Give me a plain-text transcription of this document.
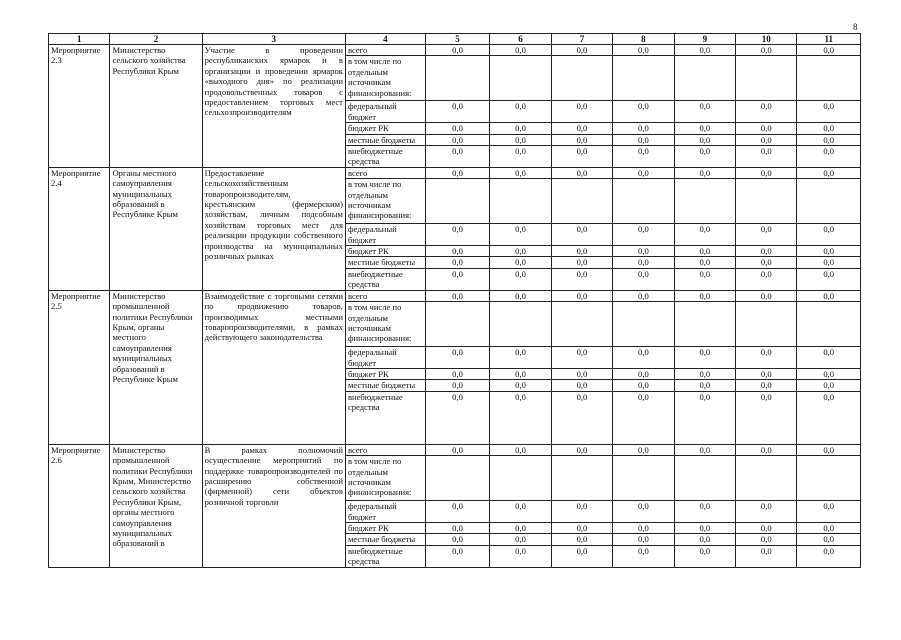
8
1	2	3	4	5	6	7	8	9	10	11
Мероприятие 2.3	Министерство сельского хозяйства Республики Крым	Участие в проведении республиканских ярмарок и в организации и проведении ярмарок «выходного дня» по реализации продовольственных товаров с предоставлением торговых мест сельхозпроизводителям	всего	0,0	0,0	0,0	0,0	0,0	0,0	0,0
			в том числе по отдельным источникам финансирования:							
			федеральный бюджет	0,0	0,0	0,0	0,0	0,0	0,0	0,0
			бюджет РК	0,0	0,0	0,0	0,0	0,0	0,0	0,0
			местные бюджеты	0,0	0,0	0,0	0,0	0,0	0,0	0,0
			внебюджетные средства	0,0	0,0	0,0	0,0	0,0	0,0	0,0
Мероприятие 2.4	Органы местного самоуправления муниципальных образований в Республике Крым	Предоставление сельскохозяйственным товаропроизводителям, крестьянским (фермерским) хозяйствам, личным подсобным хозяйствам торговых мест для реализации продукции собственного производства на муниципальных розничных рынках	всего	0,0	0,0	0,0	0,0	0,0	0,0	0,0
			в том числе по отдельным источникам финансирования:							
			федеральный бюджет	0,0	0,0	0,0	0,0	0,0	0,0	0,0
			бюджет РК	0,0	0,0	0,0	0,0	0,0	0,0	0,0
			местные бюджеты	0,0	0,0	0,0	0,0	0,0	0,0	0,0
			внебюджетные средства	0,0	0,0	0,0	0,0	0,0	0,0	0,0
Мероприятие 2.5	Министерство промышленной политики Республики Крым, органы местного самоуправления муниципальных образований в Республике Крым	Взаимодействие с торговыми сетями по продвижению товаров, производимых местными товаропроизводителями, в рамках действующего законодательства	всего	0,0	0,0	0,0	0,0	0,0	0,0	0,0
			в том числе по отдельным источникам финансирования:							
			федеральный бюджет	0,0	0,0	0,0	0,0	0,0	0,0	0,0
			бюджет РК	0,0	0,0	0,0	0,0	0,0	0,0	0,0
			местные бюджеты	0,0	0,0	0,0	0,0	0,0	0,0	0,0
			внебюджетные средства	0,0	0,0	0,0	0,0	0,0	0,0	0,0
Мероприятие 2.6	Министерство промышленной политики Республики Крым, Министерство сельского хозяйства Республики Крым, органы местного самоуправления муниципальных образований в	В рамках полномочий осуществление мероприятий по поддержке товаропроизводителей по расширению собственной (фирменной) сети объектов розничной торговли	всего	0,0	0,0	0,0	0,0	0,0	0,0	0,0
			в том числе по отдельным источникам финансирования:							
			федеральный бюджет	0,0	0,0	0,0	0,0	0,0	0,0	0,0
			бюджет РК	0,0	0,0	0,0	0,0	0,0	0,0	0,0
			местные бюджеты	0,0	0,0	0,0	0,0	0,0	0,0	0,0
			внебюджетные средства	0,0	0,0	0,0	0,0	0,0	0,0	0,0
